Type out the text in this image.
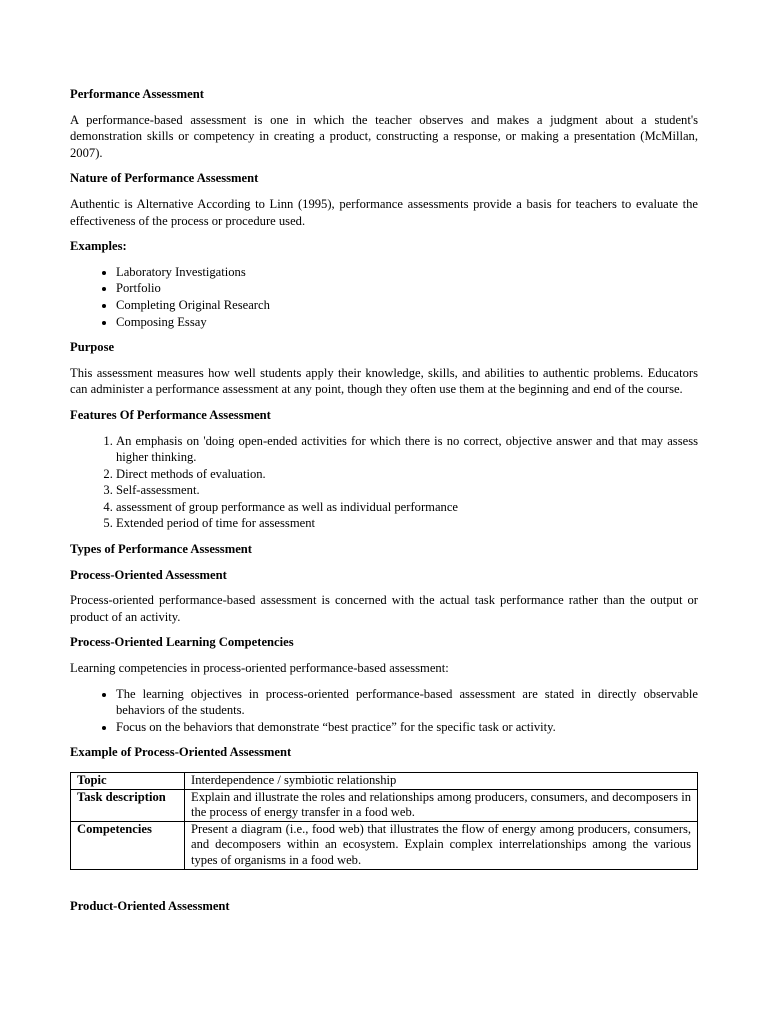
Performance Assessment

A performance-based assessment is one in which the teacher observes and makes a judgment about a student's demonstration skills or competency in creating a product, constructing a response, or making a presentation (McMillan, 2007).

Nature of Performance Assessment

Authentic is Alternative According to Linn (1995), performance assessments provide a basis for teachers to evaluate the effectiveness of the process or procedure used.

Examples:
• Laboratory Investigations
• Portfolio
• Completing Original Research
• Composing Essay
Purpose

This assessment measures how well students apply their knowledge, skills, and abilities to authentic problems. Educators can administer a performance assessment at any point, though they often use them at the beginning and end of the course.

Features Of Performance Assessment
1. An emphasis on 'doing open-ended activities for which there is no correct, objective answer and that may assess higher thinking.
2. Direct methods of evaluation.
3. Self-assessment.
4. assessment of group performance as well as individual performance
5. Extended period of time for assessment
Types of Performance Assessment
Process-Oriented Assessment

Process-oriented performance-based assessment is concerned with the actual task performance rather than the output or product of an activity.

Process-Oriented Learning Competencies

Learning competencies in process-oriented performance-based assessment:

• The learning objectives in process-oriented performance-based assessment are stated in directly observable behaviors of the students.
• Focus on the behaviors that demonstrate “best practice” for the specific task or activity.
Example of Process-Oriented Assessment
Topic	Interdependence / symbiotic relationship
Task description	Explain and illustrate the roles and relationships among producers, consumers, and decomposers in the process of energy transfer in a food web.
Competencies	Present a diagram (i.e., food web) that illustrates the flow of energy among producers, consumers, and decomposers within an ecosystem. Explain complex interrelationships among the various types of organisms in a food web.
Product-Oriented Assessment
